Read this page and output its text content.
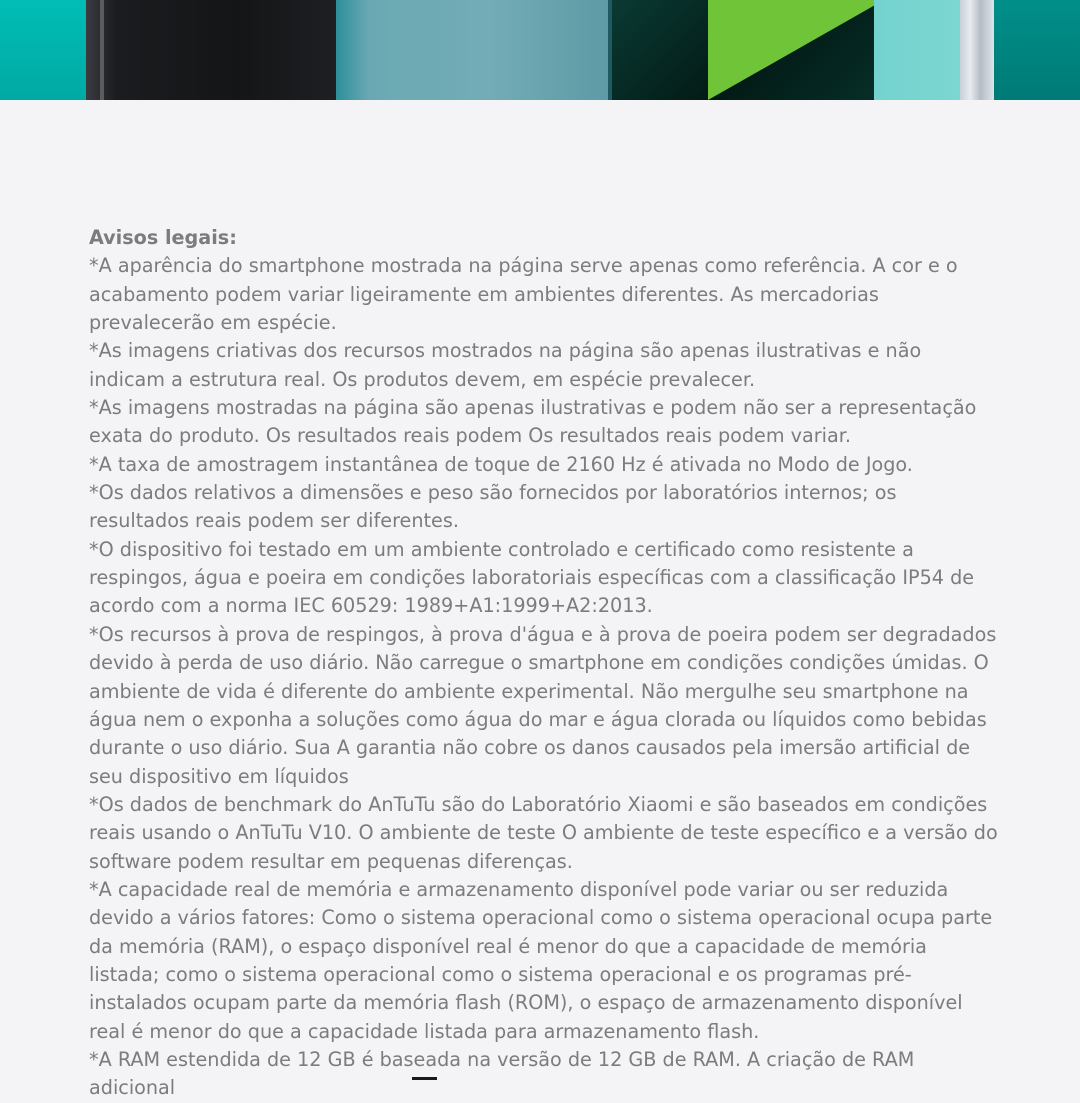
Avisos legais:

*A aparência do smartphone mostrada na página serve apenas como referência. A cor e o acabamento podem variar ligeiramente em ambientes diferentes. As mercadorias prevalecerão em espécie.

*As imagens criativas dos recursos mostrados na página são apenas ilustrativas e não indicam a estrutura real. Os produtos devem, em espécie prevalecer.

*As imagens mostradas na página são apenas ilustrativas e podem não ser a representação exata do produto. Os resultados reais podem Os resultados reais podem variar.

*A taxa de amostragem instantânea de toque de 2160 Hz é ativada no Modo de Jogo.

*Os dados relativos a dimensões e peso são fornecidos por laboratórios internos; os resultados reais podem ser diferentes.

*O dispositivo foi testado em um ambiente controlado e certificado como resistente a respingos, água e poeira em condições laboratoriais específicas com a classificação IP54 de acordo com a norma IEC 60529: 1989+A1:1999+A2:2013.

*Os recursos à prova de respingos, à prova d'água e à prova de poeira podem ser degradados devido à perda de uso diário. Não carregue o smartphone em condições condições úmidas. O ambiente de vida é diferente do ambiente experimental. Não mergulhe seu smartphone na água nem o exponha a soluções como água do mar e água clorada ou líquidos como bebidas durante o uso diário. Sua A garantia não cobre os danos causados pela imersão artificial de seu dispositivo em líquidos

*Os dados de benchmark do AnTuTu são do Laboratório Xiaomi e são baseados em condições reais usando o AnTuTu V10. O ambiente de teste O ambiente de teste específico e a versão do software podem resultar em pequenas diferenças.

*A capacidade real de memória e armazenamento disponível pode variar ou ser reduzida devido a vários fatores: Como o sistema operacional como o sistema operacional ocupa parte da memória (RAM), o espaço disponível real é menor do que a capacidade de memória listada; como o sistema operacional como o sistema operacional e os programas pré-instalados ocupam parte da memória flash (ROM), o espaço de armazenamento disponível real é menor do que a capacidade listada para armazenamento flash.

*A RAM estendida de 12 GB é baseada na versão de 12 GB de RAM. A criação de RAM adicional
